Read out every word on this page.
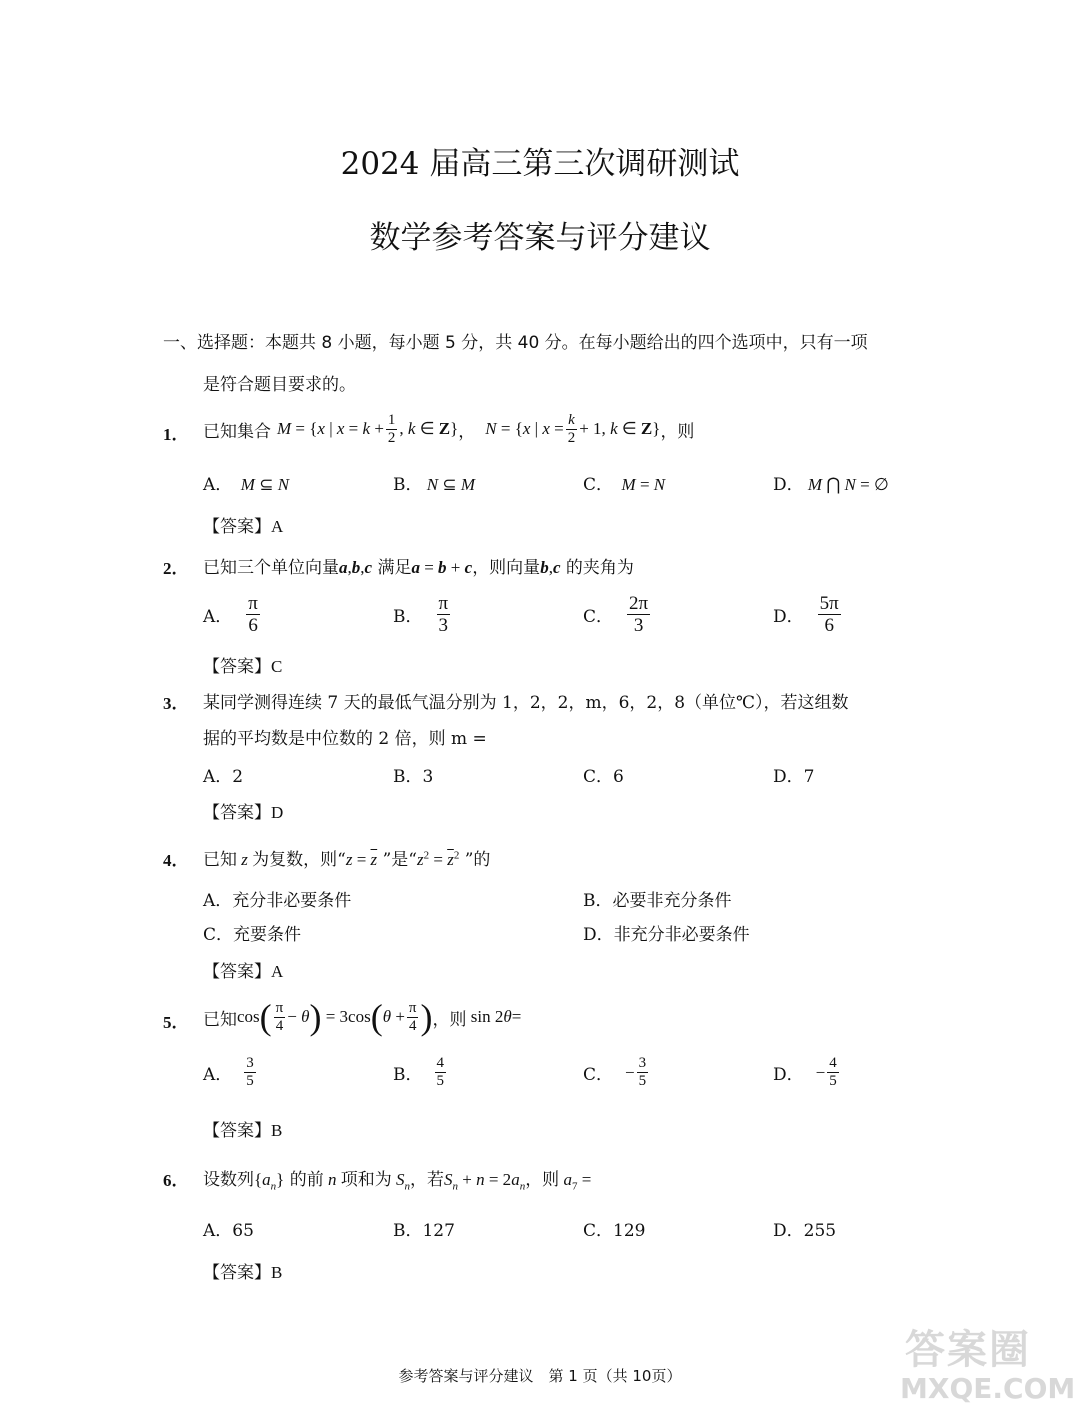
2024 届高三第三次调研测试
数学参考答案与评分建议
一、选择题：本题共 8 小题，每小题 5 分，共 40 分。在每小题给出的四个选项中，只有一项
是符合题目要求的。
1． 已知集合 M = { x | $x = k + \frac{1}{2}$ , k ∈ Z } ， N = { x | $x = \frac{k}{2} + 1$, k ∈ Z } ，则
A．  M ⊆ N	B． N ⊆ M	C．  M = N	D． M ⋂ N = ∅
【答案】A
2． 已知三个单位向量a,b,c 满足a = b + c，则向量b,c 的夹角为
A． $\frac{\pi}{6}$	B． $\frac{\pi}{3}$	C． $\frac{2\pi}{3}$	D． $\frac{5\pi}{6}$
【答案】C
3． 某同学测得连续 7 天的最低气温分别为 1，2，2，m，6，2，8（单位℃），若这组数
据的平均数是中位数的 2 倍，则 m =
A．2	B．3	C．6	D．7
【答案】D
4． 已知 z 为复数，则“$z = \overline{z}$ ”是“$z^2 = \overline{z}^2$ ”的
A．充分非必要条件	B．必要非充分条件
C．充要条件	D．非充分非必要条件
【答案】A
5． 已知 cos ( $\frac{\pi}{4} - \theta$ ) = 3cos ( $\theta + \frac{\pi}{4}$ ) ，则 sin 2 θ =
A． $\frac{3}{5}$	B． $\frac{4}{5}$	C． − $\frac{3}{5}$	D． − $\frac{4}{5}$
【答案】B
6． 设数列$\{a_n\}$ 的前 n 项和为 $S_n$，若$S_n + n = 2a_n$，则 $a_7$ =
A．65	B．127	C．129	D．255
【答案】B
参考答案与评分建议　第 1 页（共 10页）
答案圈
MXQE.COM
